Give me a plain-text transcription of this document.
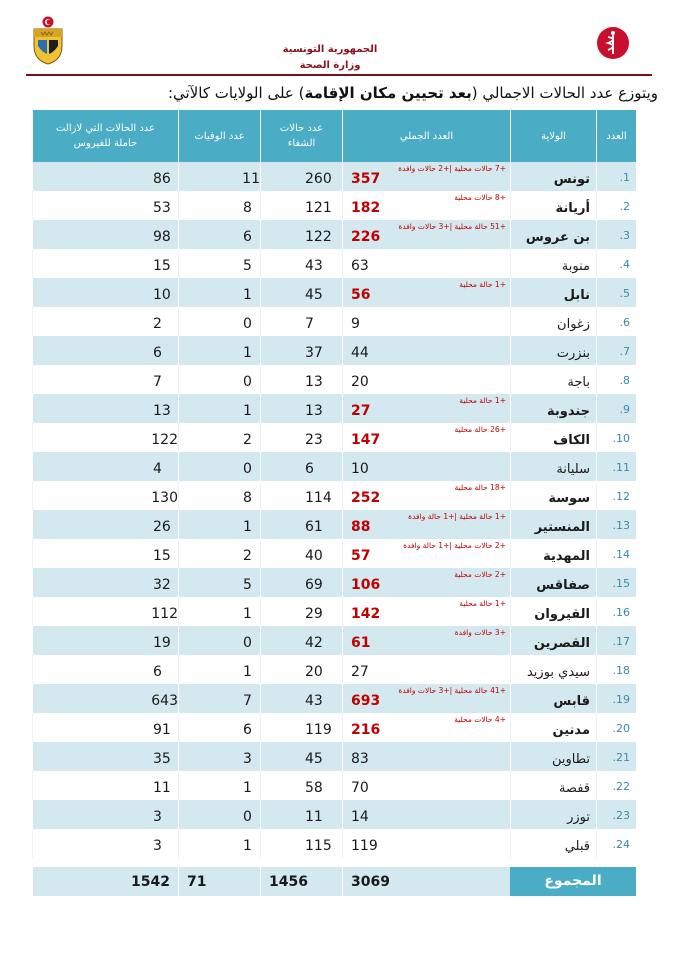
الجمهورية التونسية
وزارة الصحة
ويتوزع عدد الحالات الاجمالي (بعد تحيين مكان الإقامة) على الولايات كالآتي:
العدد
الولاية
العدد الجملي
عدد حالات الشفاء
عدد الوفيات
عدد الحالات التي لازالت حاملة للفيروس
1.
تونس
357
+7 حالات محلية |+2 حالات وافدة
260
11
86
2.
أريانة
182
+8 حالات محلية
121
8
53
3.
بن عروس
226
+51 حالة محلية |+3 حالات وافدة
122
6
98
4.
منوبة
63
43
5
15
5.
نابل
56
+1 حالة محلية
45
1
10
6.
زغوان
9
7
0
2
7.
بنزرت
44
37
1
6
8.
باجة
20
13
0
7
9.
جندوبة
27
+1 حالة محلية
13
1
13
10.
الكاف
147
+26 حالة محلية
23
2
122
11.
سليانة
10
6
0
4
12.
سوسة
252
+18 حالة محلية
114
8
130
13.
المنستير
88
+1 حالة محلية |+1 حالة وافدة
61
1
26
14.
المهدية
57
+2 حالات محلية |+1 حالة وافدة
40
2
15
15.
صفاقس
106
+2 حالات محلية
69
5
32
16.
القيروان
142
+1 حالة محلية
29
1
112
17.
القصرين
61
+3 حالات وافدة
42
0
19
18.
سيدي بوزيد
27
20
1
6
19.
قابس
693
+41 حالة محلية |+3 حالات وافدة
43
7
643
20.
مدنين
216
+4 حالات محلية
119
6
91
21.
تطاوين
83
45
3
35
22.
قفصة
70
58
1
11
23.
توزر
14
11
0
3
24.
قبلي
119
115
1
3
المجموع
3069
1456
71
1542
